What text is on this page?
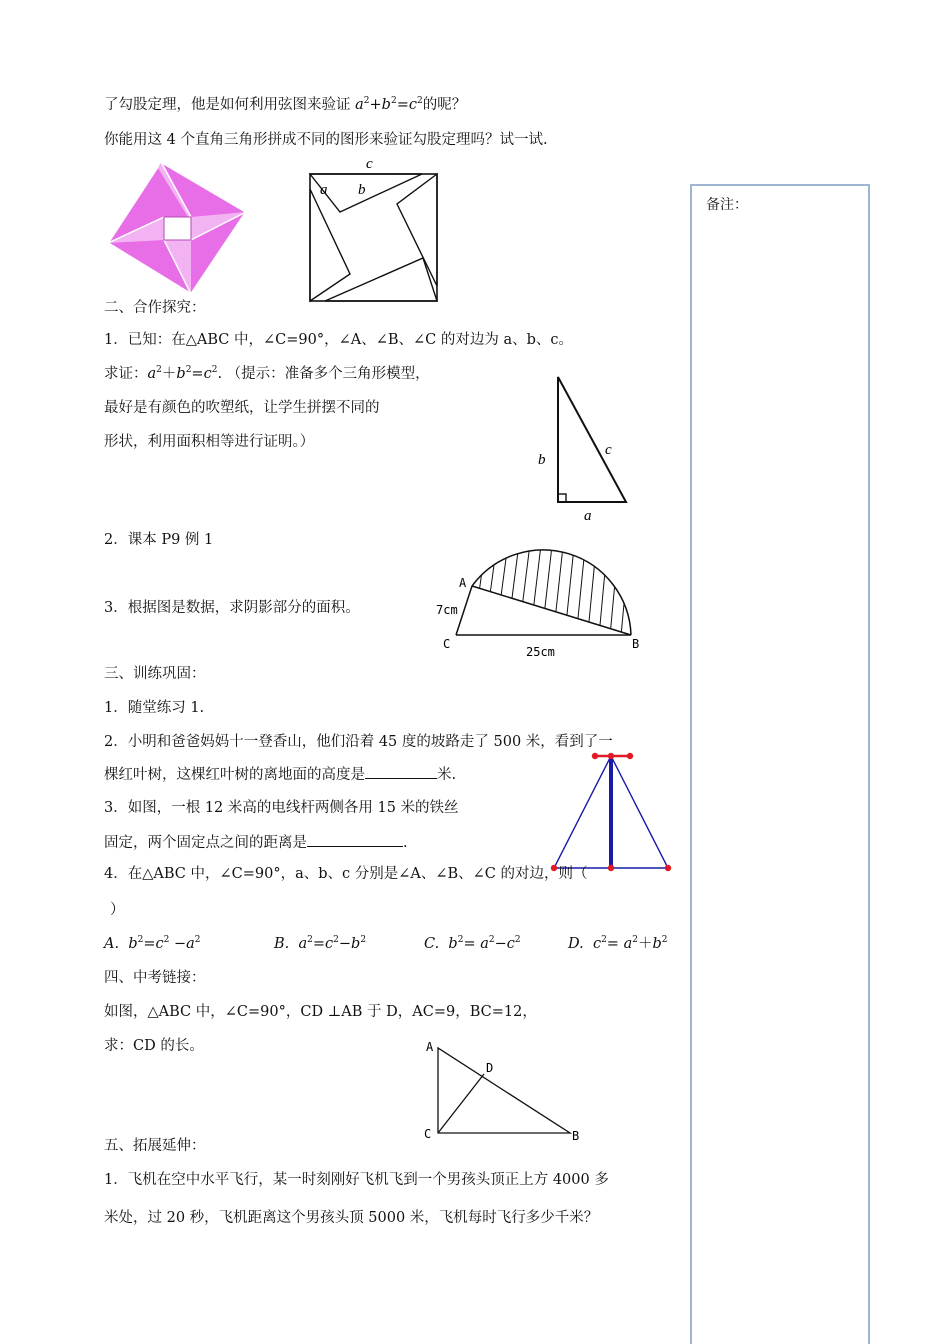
了勾股定理，他是如何利用弦图来验证 $a^2+b^2=c^2$的呢？
你能用这 4 个直角三角形拼成不同的图形来验证勾股定理吗？试一试.
c
a b
二、合作探究：
1．已知：在△ABC 中，∠C=90°，∠A、∠B、∠C 的对边为 a、b、c。
求证：$a^2+b^2=c^2$. （提示：准备多个三角形模型，
最好是有颜色的吹塑纸，让学生拼摆不同的
形状，利用面积相等进行证明。）
b
c
a
2．课本 P9 例 1
3．根据图是数据，求阴影部分的面积。
A
7cm
C	B
25cm
三、训练巩固：
1．随堂练习 1.
2．小明和爸爸妈妈十一登香山，他们沿着 45 度的坡路走了 500 米，看到了一
棵红叶树，这棵红叶树的离地面的高度是	米.
3．如图，一根 12 米高的电线杆两侧各用 15 米的铁丝
固定，两个固定点之间的距离是	.
4．在△ABC 中，∠C=90°，a、b、c 分别是∠A、∠B、∠C 的对边，则（
）
A. $b^2=c^2 -a^2$	B. $a^2=c^2-b^2$	C. $b^2= a^2-c^2$	D. $c^2= a^2+b^2$
四、中考链接：
如图，△ABC 中，∠C=90°，CD ⊥AB 于 D，AC=9，BC=12，
求：CD 的长。	A
D
C	B
五、拓展延伸：
1．飞机在空中水平飞行，某一时刻刚好飞机飞到一个男孩头顶正上方 4000 多
米处，过 20 秒，飞机距离这个男孩头顶 5000 米，飞机每时飞行多少千米？
备注：
